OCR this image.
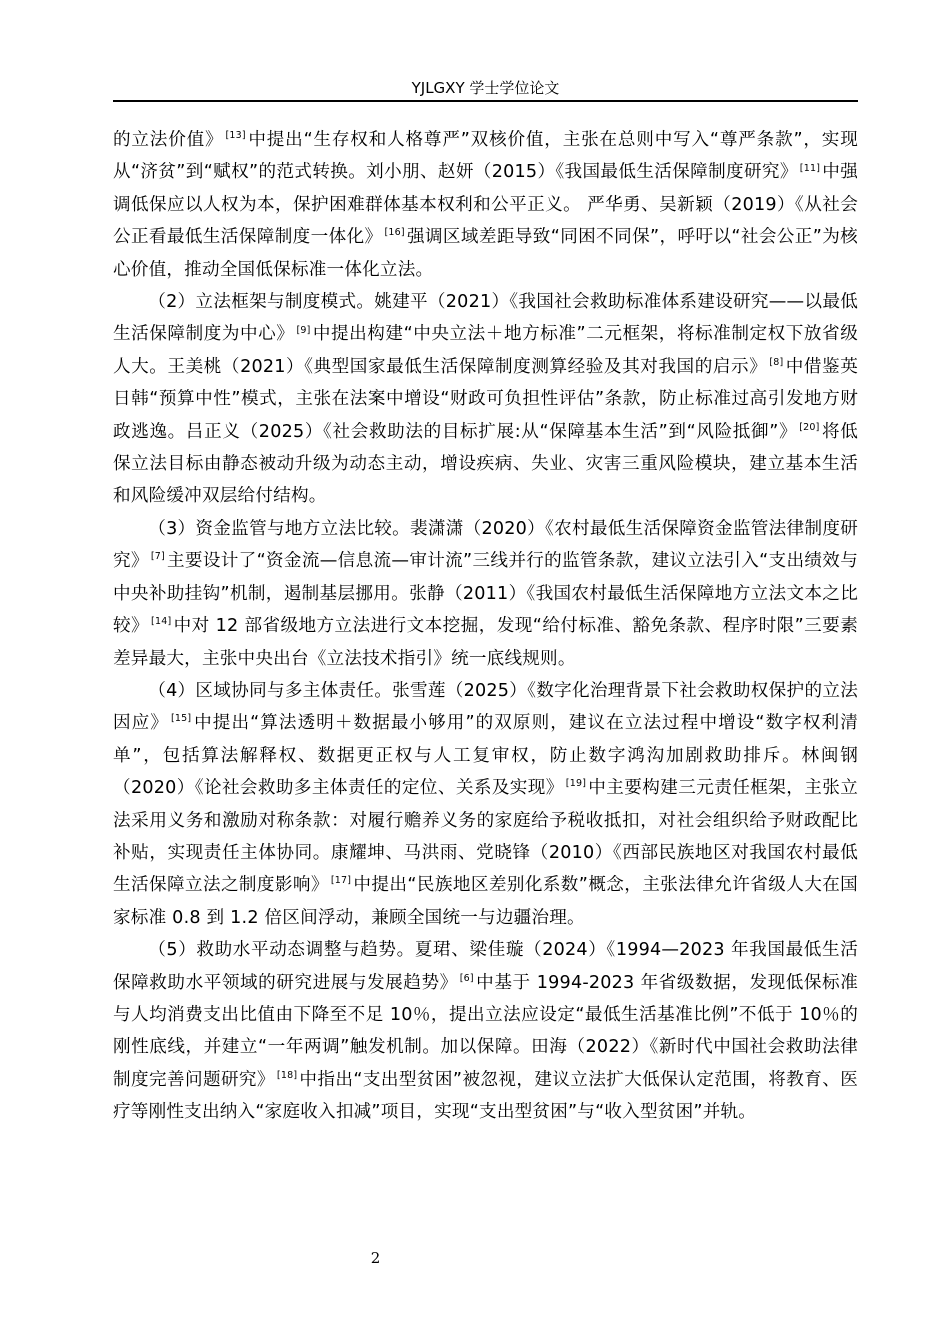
YJLGXY 学士学位论文

的立法价值》 [13] 中提出“生存权和人格尊严”双核价值，主张在总则中写入“尊严条款”，实现从“济贫”到“赋权”的范式转换。刘小朋、赵妍（2015）《我国最低生活保障制度研究》 [11] 中强调低保应以人权为本，保护困难群体基本权利和公平正义。 严华勇、吴新颖（2019）《从社会公正看最低生活保障制度一体化》 [16] 强调区域差距导致“同困不同保”，呼吁以“社会公正”为核心价值，推动全国低保标准一体化立法。

（2）立法框架与制度模式。姚建平（2021）《我国社会救助标准体系建设研究——以最低生活保障制度为中心》 [9] 中提出构建“中央立法＋地方标准”二元框架，将标准制定权下放省级人大。王美桃（2021）《典型国家最低生活保障制度测算经验及其对我国的启示》 [8] 中借鉴英日韩“预算中性”模式，主张在法案中增设“财政可负担性评估”条款，防止标准过高引发地方财政逃逸。吕正义（2025）《社会救助法的目标扩展:从“保障基本生活”到“风险抵御”》 [20] 将低保立法目标由静态被动升级为动态主动，增设疾病、失业、灾害三重风险模块，建立基本生活和风险缓冲双层给付结构。

（3）资金监管与地方立法比较。裴潇潇（2020）《农村最低生活保障资金监管法律制度研究》 [7] 主要设计了“资金流—信息流—审计流”三线并行的监管条款，建议立法引入“支出绩效与中央补助挂钩”机制，遏制基层挪用。张静（2011）《我国农村最低生活保障地方立法文本之比较》 [14] 中对 12 部省级地方立法进行文本挖掘，发现“给付标准、豁免条款、程序时限”三要素差异最大，主张中央出台《立法技术指引》统一底线规则。

（4）区域协同与多主体责任。张雪莲（2025）《数字化治理背景下社会救助权保护的立法因应》 [15] 中提出“算法透明＋数据最小够用”的双原则，建议在立法过程中增设“数字权利清单”，包括算法解释权、数据更正权与人工复审权，防止数字鸿沟加剧救助排斥。林闽钢（2020）《论社会救助多主体责任的定位、关系及实现》 [19] 中主要构建三元责任框架，主张立法采用义务和激励对称条款：对履行赡养义务的家庭给予税收抵扣，对社会组织给予财政配比补贴，实现责任主体协同。康耀坤、马洪雨、党晓锋（2010）《西部民族地区对我国农村最低生活保障立法之制度影响》 [17] 中提出“民族地区差别化系数”概念，主张法律允许省级人大在国家标准 0.8 到 1.2 倍区间浮动，兼顾全国统一与边疆治理。

（5）救助水平动态调整与趋势。夏珺、梁佳璇（2024）《1994—2023 年我国最低生活保障救助水平领域的研究进展与发展趋势》 [6] 中基于 1994-2023 年省级数据，发现低保标准与人均消费支出比值由下降至不足 10％，提出立法应设定“最低生活基准比例”不低于 10％的刚性底线，并建立“一年两调”触发机制。加以保障。田海（2022）《新时代中国社会救助法律制度完善问题研究》 [18] 中指出“支出型贫困”被忽视，建议立法扩大低保认定范围，将教育、医疗等刚性支出纳入“家庭收入扣减”项目，实现“支出型贫困”与“收入型贫困”并轨。

2
